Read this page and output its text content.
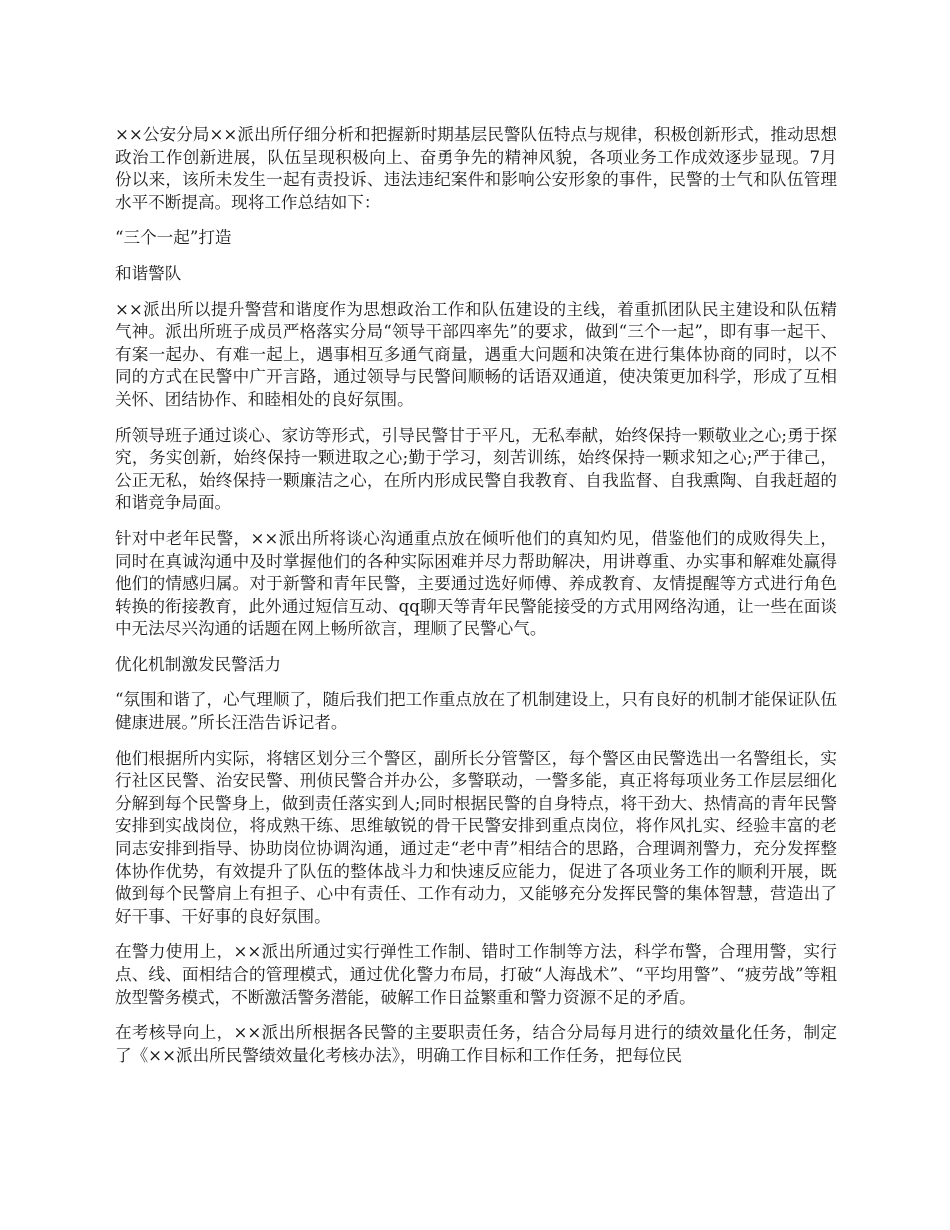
××公安分局××派出所仔细分析和把握新时期基层民警队伍特点与规律，积极创新形式，推动思想政治工作创新进展，队伍呈现积极向上、奋勇争先的精神风貌，各项业务工作成效逐步显现。7月份以来，该所未发生一起有责投诉、违法违纪案件和影响公安形象的事件，民警的士气和队伍管理水平不断提高。现将工作总结如下：

“三个一起”打造

和谐警队

××派出所以提升警营和谐度作为思想政治工作和队伍建设的主线，着重抓团队民主建设和队伍精气神。派出所班子成员严格落实分局“领导干部四率先”的要求，做到“三个一起”，即有事一起干、有案一起办、有难一起上，遇事相互多通气商量，遇重大问题和决策在进行集体协商的同时，以不同的方式在民警中广开言路，通过领导与民警间顺畅的话语双通道，使决策更加科学，形成了互相关怀、团结协作、和睦相处的良好氛围。

所领导班子通过谈心、家访等形式，引导民警甘于平凡，无私奉献，始终保持一颗敬业之心;勇于探究，务实创新，始终保持一颗进取之心;勤于学习，刻苦训练，始终保持一颗求知之心;严于律己，公正无私，始终保持一颗廉洁之心，在所内形成民警自我教育、自我监督、自我熏陶、自我赶超的和谐竞争局面。

针对中老年民警，××派出所将谈心沟通重点放在倾听他们的真知灼见，借鉴他们的成败得失上，同时在真诚沟通中及时掌握他们的各种实际困难并尽力帮助解决，用讲尊重、办实事和解难处赢得他们的情感归属。对于新警和青年民警，主要通过选好师傅、养成教育、友情提醒等方式进行角色转换的衔接教育，此外通过短信互动、qq聊天等青年民警能接受的方式用网络沟通，让一些在面谈中无法尽兴沟通的话题在网上畅所欲言，理顺了民警心气。

优化机制激发民警活力

“氛围和谐了，心气理顺了，随后我们把工作重点放在了机制建设上，只有良好的机制才能保证队伍健康进展。”所长汪浩告诉记者。

他们根据所内实际，将辖区划分三个警区，副所长分管警区，每个警区由民警选出一名警组长，实行社区民警、治安民警、刑侦民警合并办公，多警联动，一警多能，真正将每项业务工作层层细化分解到每个民警身上，做到责任落实到人;同时根据民警的自身特点，将干劲大、热情高的青年民警安排到实战岗位，将成熟干练、思维敏锐的骨干民警安排到重点岗位，将作风扎实、经验丰富的老同志安排到指导、协助岗位协调沟通，通过走“老中青”相结合的思路，合理调剂警力，充分发挥整体协作优势，有效提升了队伍的整体战斗力和快速反应能力，促进了各项业务工作的顺利开展，既做到每个民警肩上有担子、心中有责任、工作有动力，又能够充分发挥民警的集体智慧，营造出了好干事、干好事的良好氛围。

在警力使用上，××派出所通过实行弹性工作制、错时工作制等方法，科学布警，合理用警，实行点、线、面相结合的管理模式，通过优化警力布局，打破“人海战术”、“平均用警”、“疲劳战”等粗放型警务模式，不断激活警务潜能，破解工作日益繁重和警力资源不足的矛盾。

在考核导向上，××派出所根据各民警的主要职责任务，结合分局每月进行的绩效量化任务，制定了《××派出所民警绩效量化考核办法》，明确工作目标和工作任务，把每位民
